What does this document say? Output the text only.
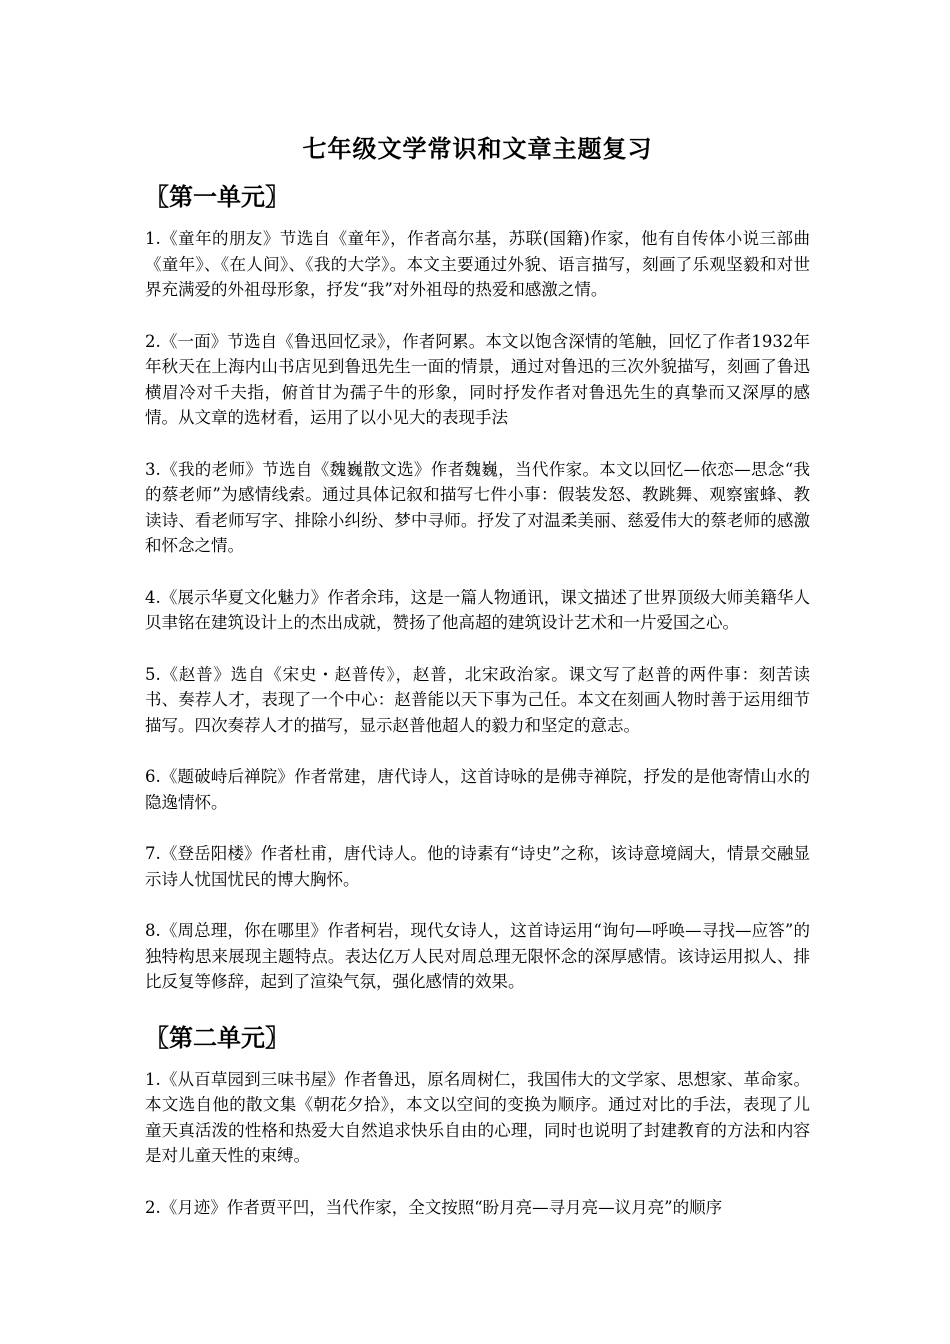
七年级文学常识和文章主题复习
〖第一单元〗

1.《童年的朋友》节选自《童年》，作者高尔基，苏联(国籍)作家，他有自传体小说三部曲《童年》、《在人间》、《我的大学》。本文主要通过外貌、语言描写，刻画了乐观坚毅和对世界充满爱的外祖母形象，抒发“我”对外祖母的热爱和感激之情。

2.《一面》节选自《鲁迅回忆录》，作者阿累。本文以饱含深情的笔触，回忆了作者1932年年秋天在上海内山书店见到鲁迅先生一面的情景，通过对鲁迅的三次外貌描写，刻画了鲁迅横眉冷对千夫指，俯首甘为孺子牛的形象，同时抒发作者对鲁迅先生的真挚而又深厚的感情。从文章的选材看，运用了以小见大的表现手法

3.《我的老师》节选自《魏巍散文选》作者魏巍，当代作家。本文以回忆—依恋—思念“我的蔡老师”为感情线索。通过具体记叙和描写七件小事：假装发怒、教跳舞、观察蜜蜂、教读诗、看老师写字、排除小纠纷、梦中寻师。抒发了对温柔美丽、慈爱伟大的蔡老师的感激和怀念之情。

4.《展示华夏文化魅力》作者余玮，这是一篇人物通讯，课文描述了世界顶级大师美籍华人贝聿铭在建筑设计上的杰出成就，赞扬了他高超的建筑设计艺术和一片爱国之心。

5.《赵普》选自《宋史・赵普传》，赵普，北宋政治家。课文写了赵普的两件事：刻苦读书、奏荐人才，表现了一个中心：赵普能以天下事为己任。本文在刻画人物时善于运用细节描写。四次奏荐人才的描写，显示赵普他超人的毅力和坚定的意志。

6.《题破峙后禅院》作者常建，唐代诗人，这首诗咏的是佛寺禅院，抒发的是他寄情山水的隐逸情怀。

7.《登岳阳楼》作者杜甫，唐代诗人。他的诗素有“诗史”之称，该诗意境阔大，情景交融显示诗人忧国忧民的博大胸怀。

8.《周总理，你在哪里》作者柯岩，现代女诗人，这首诗运用“询句—呼唤—寻找—应答”的独特构思来展现主题特点。表达亿万人民对周总理无限怀念的深厚感情。该诗运用拟人、排比反复等修辞，起到了渲染气氛，强化感情的效果。

〖第二单元〗

1.《从百草园到三味书屋》作者鲁迅，原名周树仁，我国伟大的文学家、思想家、革命家。本文选自他的散文集《朝花夕拾》，本文以空间的变换为顺序。通过对比的手法，表现了儿童天真活泼的性格和热爱大自然追求快乐自由的心理，同时也说明了封建教育的方法和内容是对儿童天性的束缚。

2.《月迹》作者贾平凹，当代作家，全文按照“盼月亮—寻月亮—议月亮”的顺序
